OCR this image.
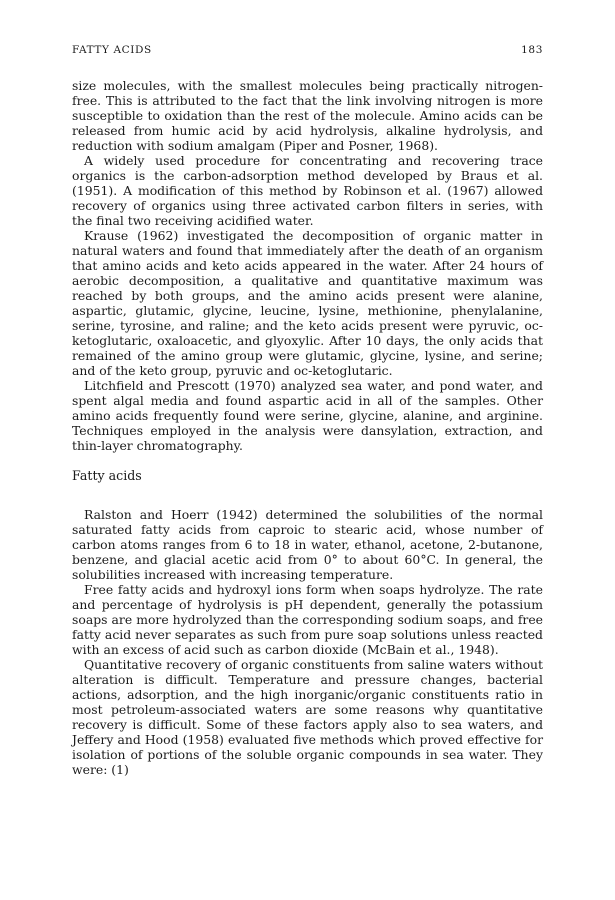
FATTY ACIDS	183

size molecules, with the smallest molecules being practically nitrogen-free. This is attributed to the fact that the link involving nitrogen is more susceptible to oxidation than the rest of the molecule. Amino acids can be released from humic acid by acid hydrolysis, alkaline hydrolysis, and reduction with sodium amalgam (Piper and Posner, 1968).

A widely used procedure for concentrating and recovering trace organics is the carbon-adsorption method developed by Braus et al. (1951). A modification of this method by Robinson et al. (1967) allowed recovery of organics using three activated carbon filters in series, with the final two receiving acidified water.

Krause (1962) investigated the decomposition of organic matter in natural waters and found that immediately after the death of an organism that amino acids and keto acids appeared in the water. After 24 hours of aerobic decomposition, a qualitative and quantitative maximum was reached by both groups, and the amino acids present were alanine, aspartic, glutamic, glycine, leucine, lysine, methionine, phenylalanine, serine, tyrosine, and raline; and the keto acids present were pyruvic, oc-ketoglutaric, oxaloacetic, and glyoxylic. After 10 days, the only acids that remained of the amino group were glutamic, glycine, lysine, and serine; and of the keto group, pyruvic and oc-ketoglutaric.

Litchfield and Prescott (1970) analyzed sea water, and pond water, and spent algal media and found aspartic acid in all of the samples. Other amino acids frequently found were serine, glycine, alanine, and arginine. Techniques employed in the analysis were dansylation, extraction, and thin-layer chromatography.

Fatty acids

Ralston and Hoerr (1942) determined the solubilities of the normal saturated fatty acids from caproic to stearic acid, whose number of carbon atoms ranges from 6 to 18 in water, ethanol, acetone, 2-butanone, benzene, and glacial acetic acid from 0° to about 60°C. In general, the solubilities increased with increasing temperature.

Free fatty acids and hydroxyl ions form when soaps hydrolyze. The rate and percentage of hydrolysis is pH dependent, generally the potassium soaps are more hydrolyzed than the corresponding sodium soaps, and free fatty acid never separates as such from pure soap solutions unless reacted with an excess of acid such as carbon dioxide (McBain et al., 1948).

Quantitative recovery of organic constituents from saline waters without alteration is difficult. Temperature and pressure changes, bacterial actions, adsorption, and the high inorganic/organic constituents ratio in most petroleum-associated waters are some reasons why quantitative recovery is difficult. Some of these factors apply also to sea waters, and Jeffery and Hood (1958) evaluated five methods which proved effective for isolation of portions of the soluble organic compounds in sea water. They were: (1)
